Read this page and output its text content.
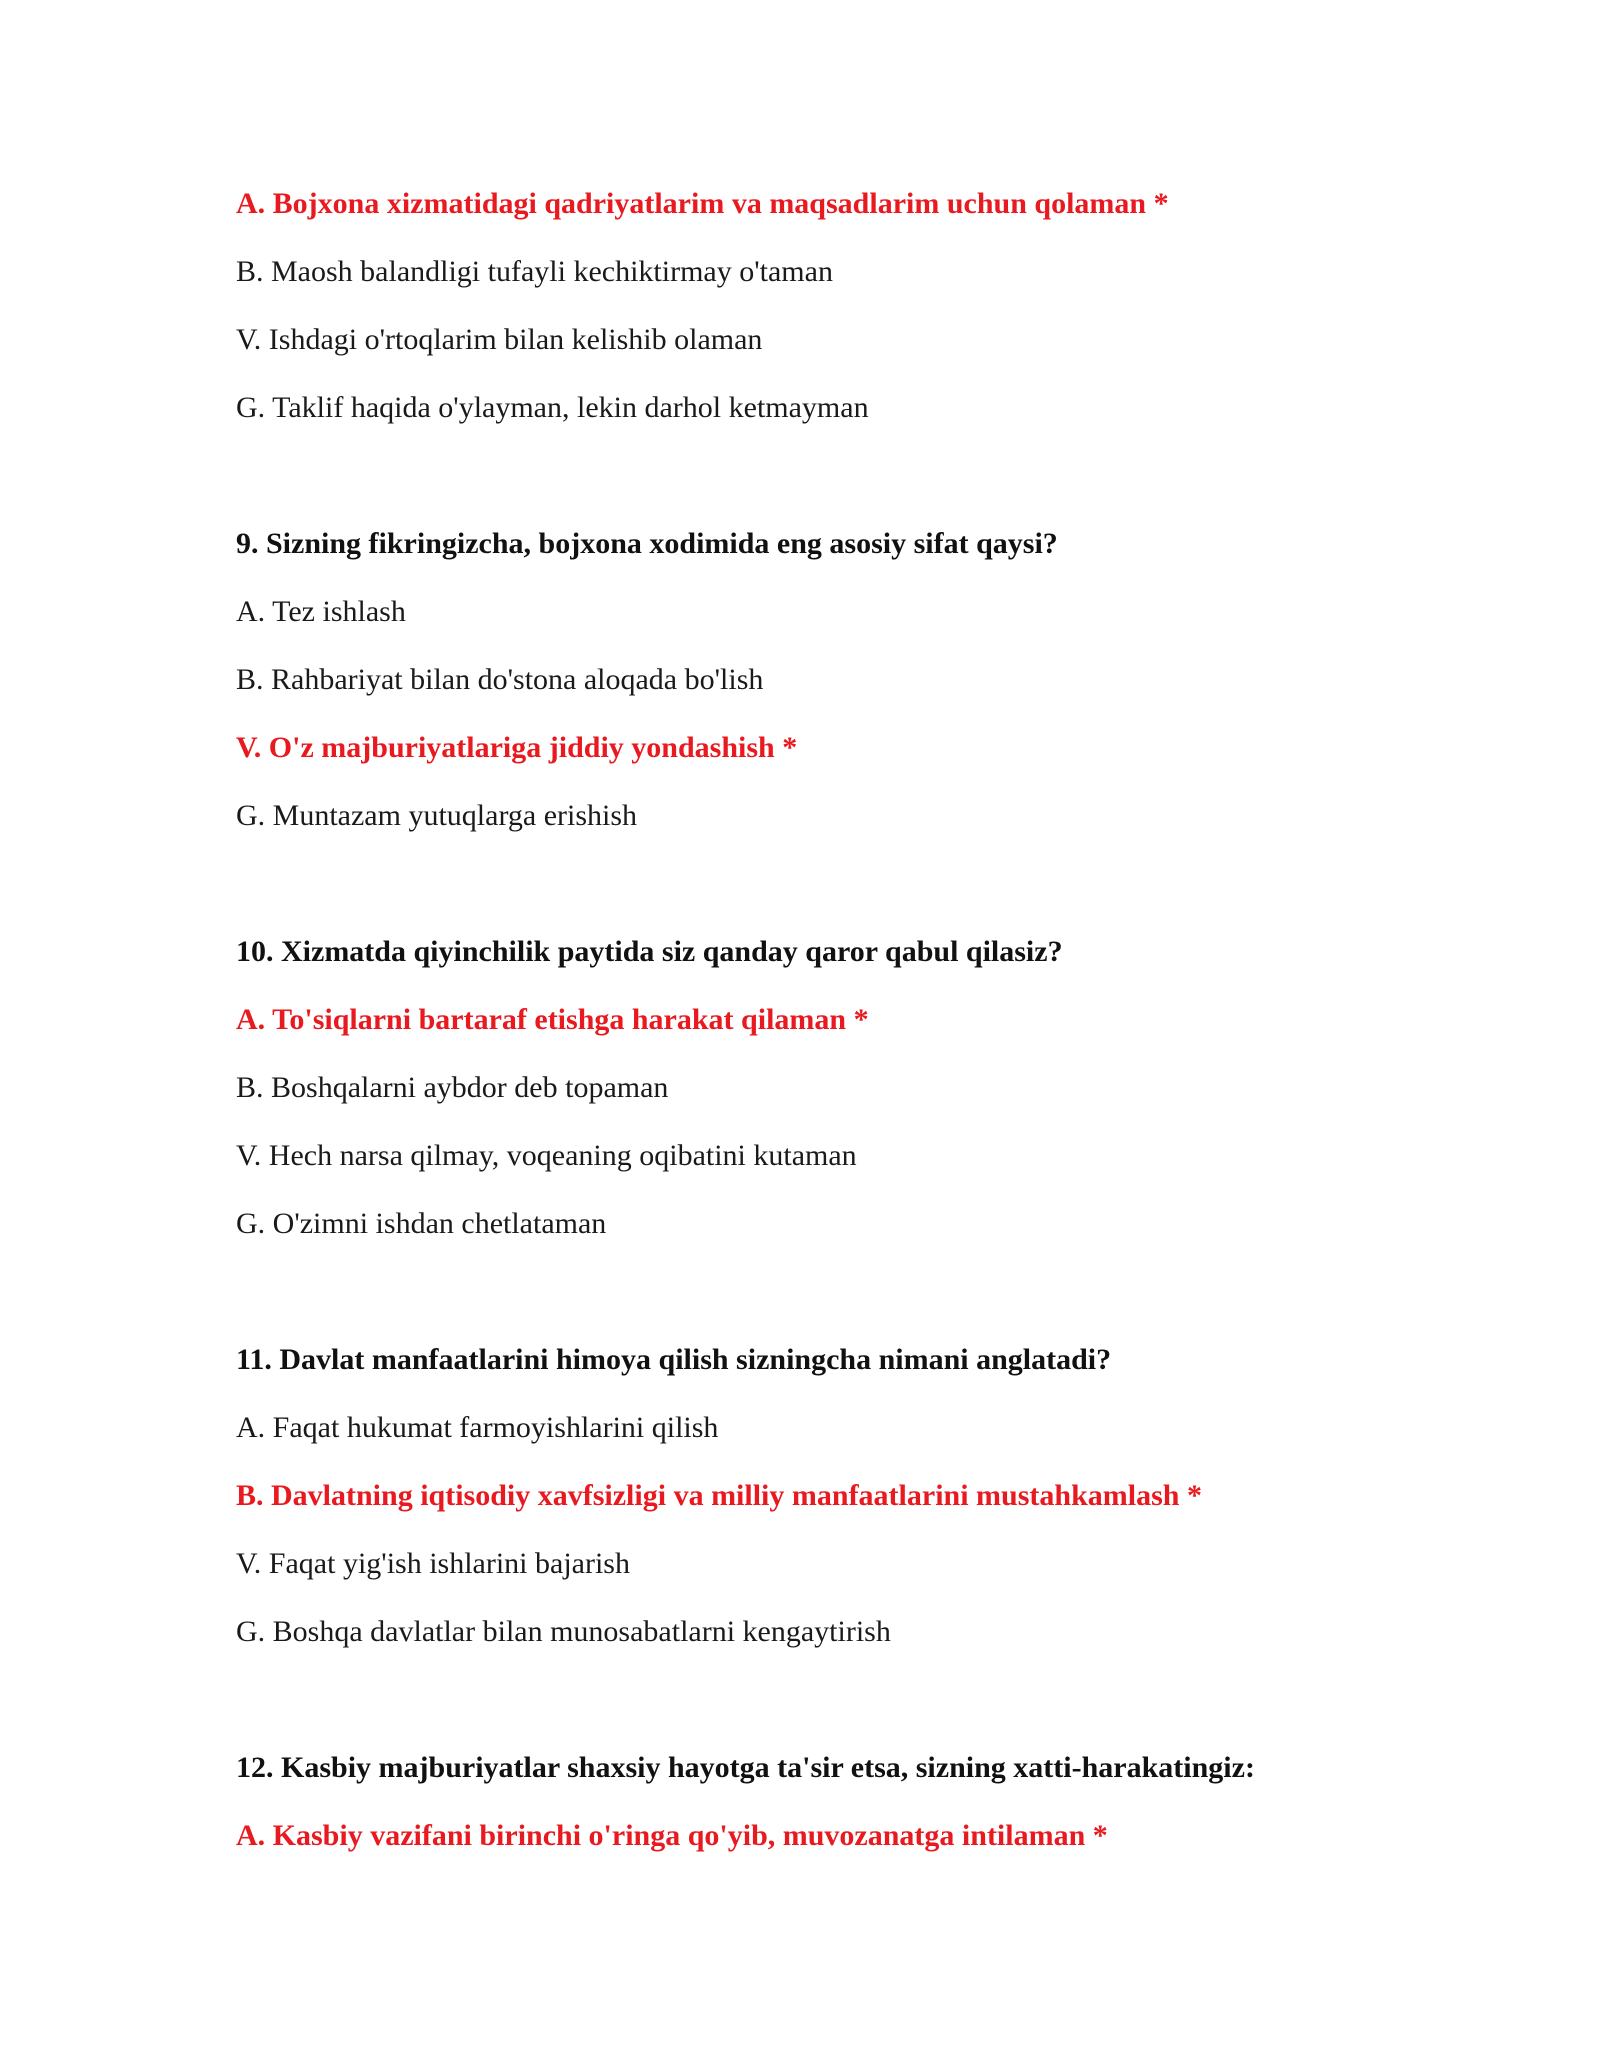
A. Bojxona xizmatidagi qadriyatlarim va maqsadlarim uchun qolaman *
B. Maosh balandligi tufayli kechiktirmay o'taman
V. Ishdagi o'rtoqlarim bilan kelishib olaman
G. Taklif haqida o'ylayman, lekin darhol ketmayman
9. Sizning fikringizcha, bojxona xodimida eng asosiy sifat qaysi?
A. Tez ishlash
B. Rahbariyat bilan do'stona aloqada bo'lish
V. O'z majburiyatlariga jiddiy yondashish *
G. Muntazam yutuqlarga erishish
10. Xizmatda qiyinchilik paytida siz qanday qaror qabul qilasiz?
A. To'siqlarni bartaraf etishga harakat qilaman *
B. Boshqalarni aybdor deb topaman
V. Hech narsa qilmay, voqeaning oqibatini kutaman
G. O'zimni ishdan chetlataman
11. Davlat manfaatlarini himoya qilish sizningcha nimani anglatadi?
A. Faqat hukumat farmoyishlarini qilish
B. Davlatning iqtisodiy xavfsizligi va milliy manfaatlarini mustahkamlash *
V. Faqat yig'ish ishlarini bajarish
G. Boshqa davlatlar bilan munosabatlarni kengaytirish
12. Kasbiy majburiyatlar shaxsiy hayotga ta'sir etsa, sizning xatti-harakatingiz:
A. Kasbiy vazifani birinchi o'ringa qo'yib, muvozanatga intilaman *
